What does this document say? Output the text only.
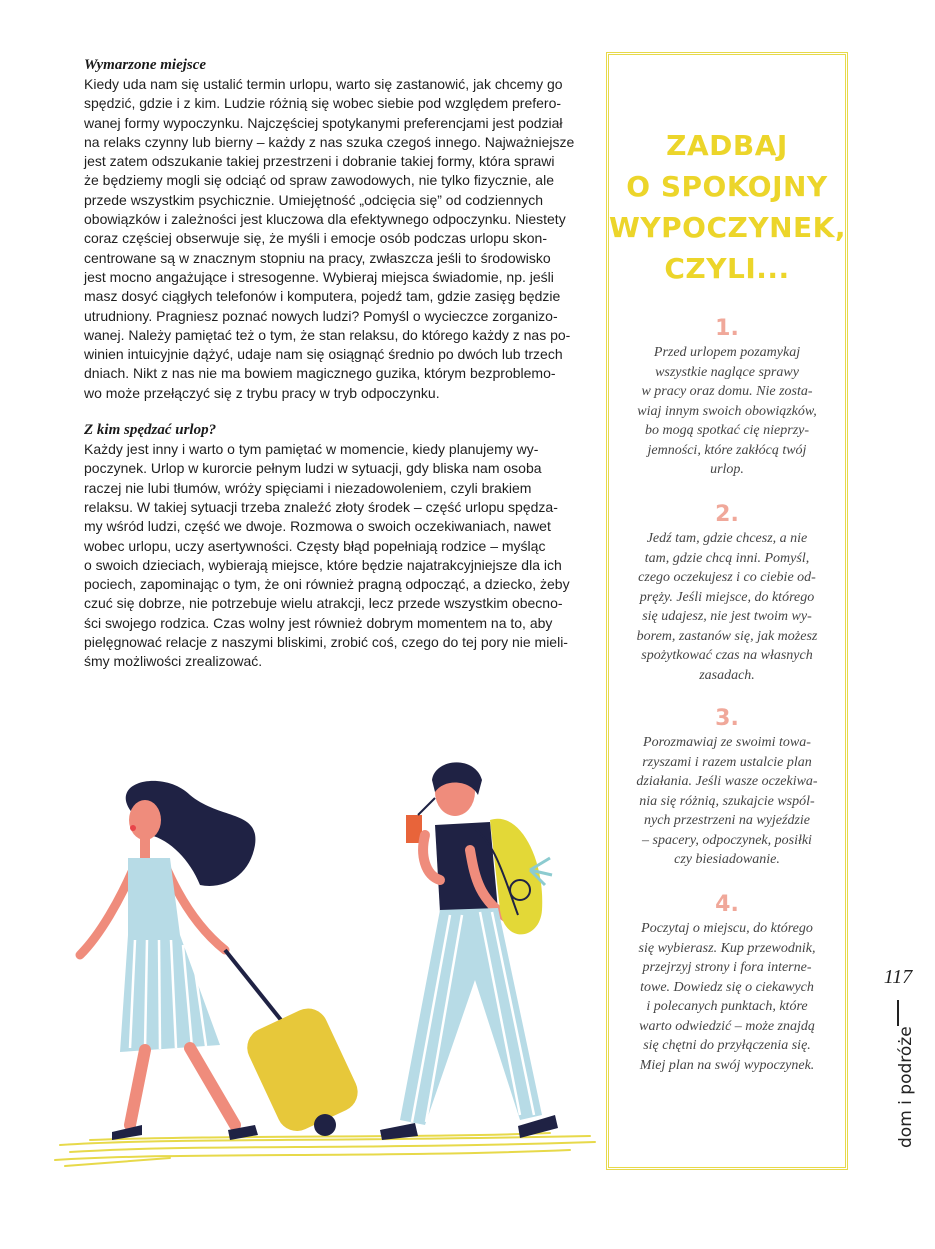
Wymarzone miejsce

Kiedy uda nam się ustalić termin urlopu, warto się zastanowić, jak chcemy go

spędzić, gdzie i z kim. Ludzie różnią się wobec siebie pod względem prefero-

wanej formy wypoczynku. Najczęściej spotykanymi preferencjami jest podział

na relaks czynny lub bierny – każdy z nas szuka czegoś innego. Najważniejsze

jest zatem odszukanie takiej przestrzeni i dobranie takiej formy, która sprawi

że będziemy mogli się odciąć od spraw zawodowych, nie tylko fizycznie, ale

przede wszystkim psychicznie. Umiejętność „odcięcia się” od codziennych

obowiązków i zależności jest kluczowa dla efektywnego odpoczynku. Niestety

coraz częściej obserwuje się, że myśli i emocje osób podczas urlopu skon-

centrowane są w znacznym stopniu na pracy, zwłaszcza jeśli to środowisko

jest mocno angażujące i stresogenne. Wybieraj miejsca świadomie, np. jeśli

masz dosyć ciągłych telefonów i komputera, pojedź tam, gdzie zasięg będzie

utrudniony. Pragniesz poznać nowych ludzi? Pomyśl o wycieczce zorganizo-

wanej. Należy pamiętać też o tym, że stan relaksu, do którego każdy z nas po-

winien intuicyjnie dążyć, udaje nam się osiągnąć średnio po dwóch lub trzech

dniach. Nikt z nas nie ma bowiem magicznego guzika, którym bezproblemo-

wo może przełączyć się z trybu pracy w tryb odpoczynku.

Z kim spędzać urlop?

Każdy jest inny i warto o tym pamiętać w momencie, kiedy planujemy wy-

poczynek. Urlop w kurorcie pełnym ludzi w sytuacji, gdy bliska nam osoba

raczej nie lubi tłumów, wróży spięciami i niezadowoleniem, czyli brakiem

relaksu. W takiej sytuacji trzeba znaleźć złoty środek – część urlopu spędza-

my wśród ludzi, część we dwoje. Rozmowa o swoich oczekiwaniach, nawet

wobec urlopu, uczy asertywności. Częsty błąd popełniają rodzice – myśląc

o swoich dzieciach, wybierają miejsce, które będzie najatrakcyjniejsze dla ich

pociech, zapominając o tym, że oni również pragną odpocząć, a dziecko, żeby

czuć się dobrze, nie potrzebuje wielu atrakcji, lecz przede wszystkim obecno-

ści swojego rodzica. Czas wolny jest również dobrym momentem na to, aby

pielęgnować relacje z naszymi bliskimi, zrobić coś, czego do tej pory nie mieli-

śmy możliwości zrealizować.

ZADBAJ
O SPOKOJNY
WYPOCZYNEK,
CZYLI...
1.
Przed urlopem pozamykaj
wszystkie naglące sprawy
w pracy oraz domu. Nie zosta-
wiaj innym swoich obowiązków,
bo mogą spotkać cię nieprzy-
jemności, które zakłócą twój
urlop.
2.
Jedź tam, gdzie chcesz, a nie
tam, gdzie chcą inni. Pomyśl,
czego oczekujesz i co ciebie od-
pręży. Jeśli miejsce, do którego
się udajesz, nie jest twoim wy-
borem, zastanów się, jak możesz
spożytkować czas na własnych
zasadach.
3.
Porozmawiaj ze swoimi towa-
rzyszami i razem ustalcie plan
działania. Jeśli wasze oczekiwa-
nia się różnią, szukajcie wspól-
nych przestrzeni na wyjeździe
– spacery, odpoczynek, posiłki
czy biesiadowanie.
4.
Poczytaj o miejscu, do którego
się wybierasz. Kup przewodnik,
przejrzyj strony i fora interne-
towe. Dowiedz się o ciekawych
i polecanych punktach, które
warto odwiedzić – może znajdą
się chętni do przyłączenia się.
Miej plan na swój wypoczynek.
117
dom i podróże
